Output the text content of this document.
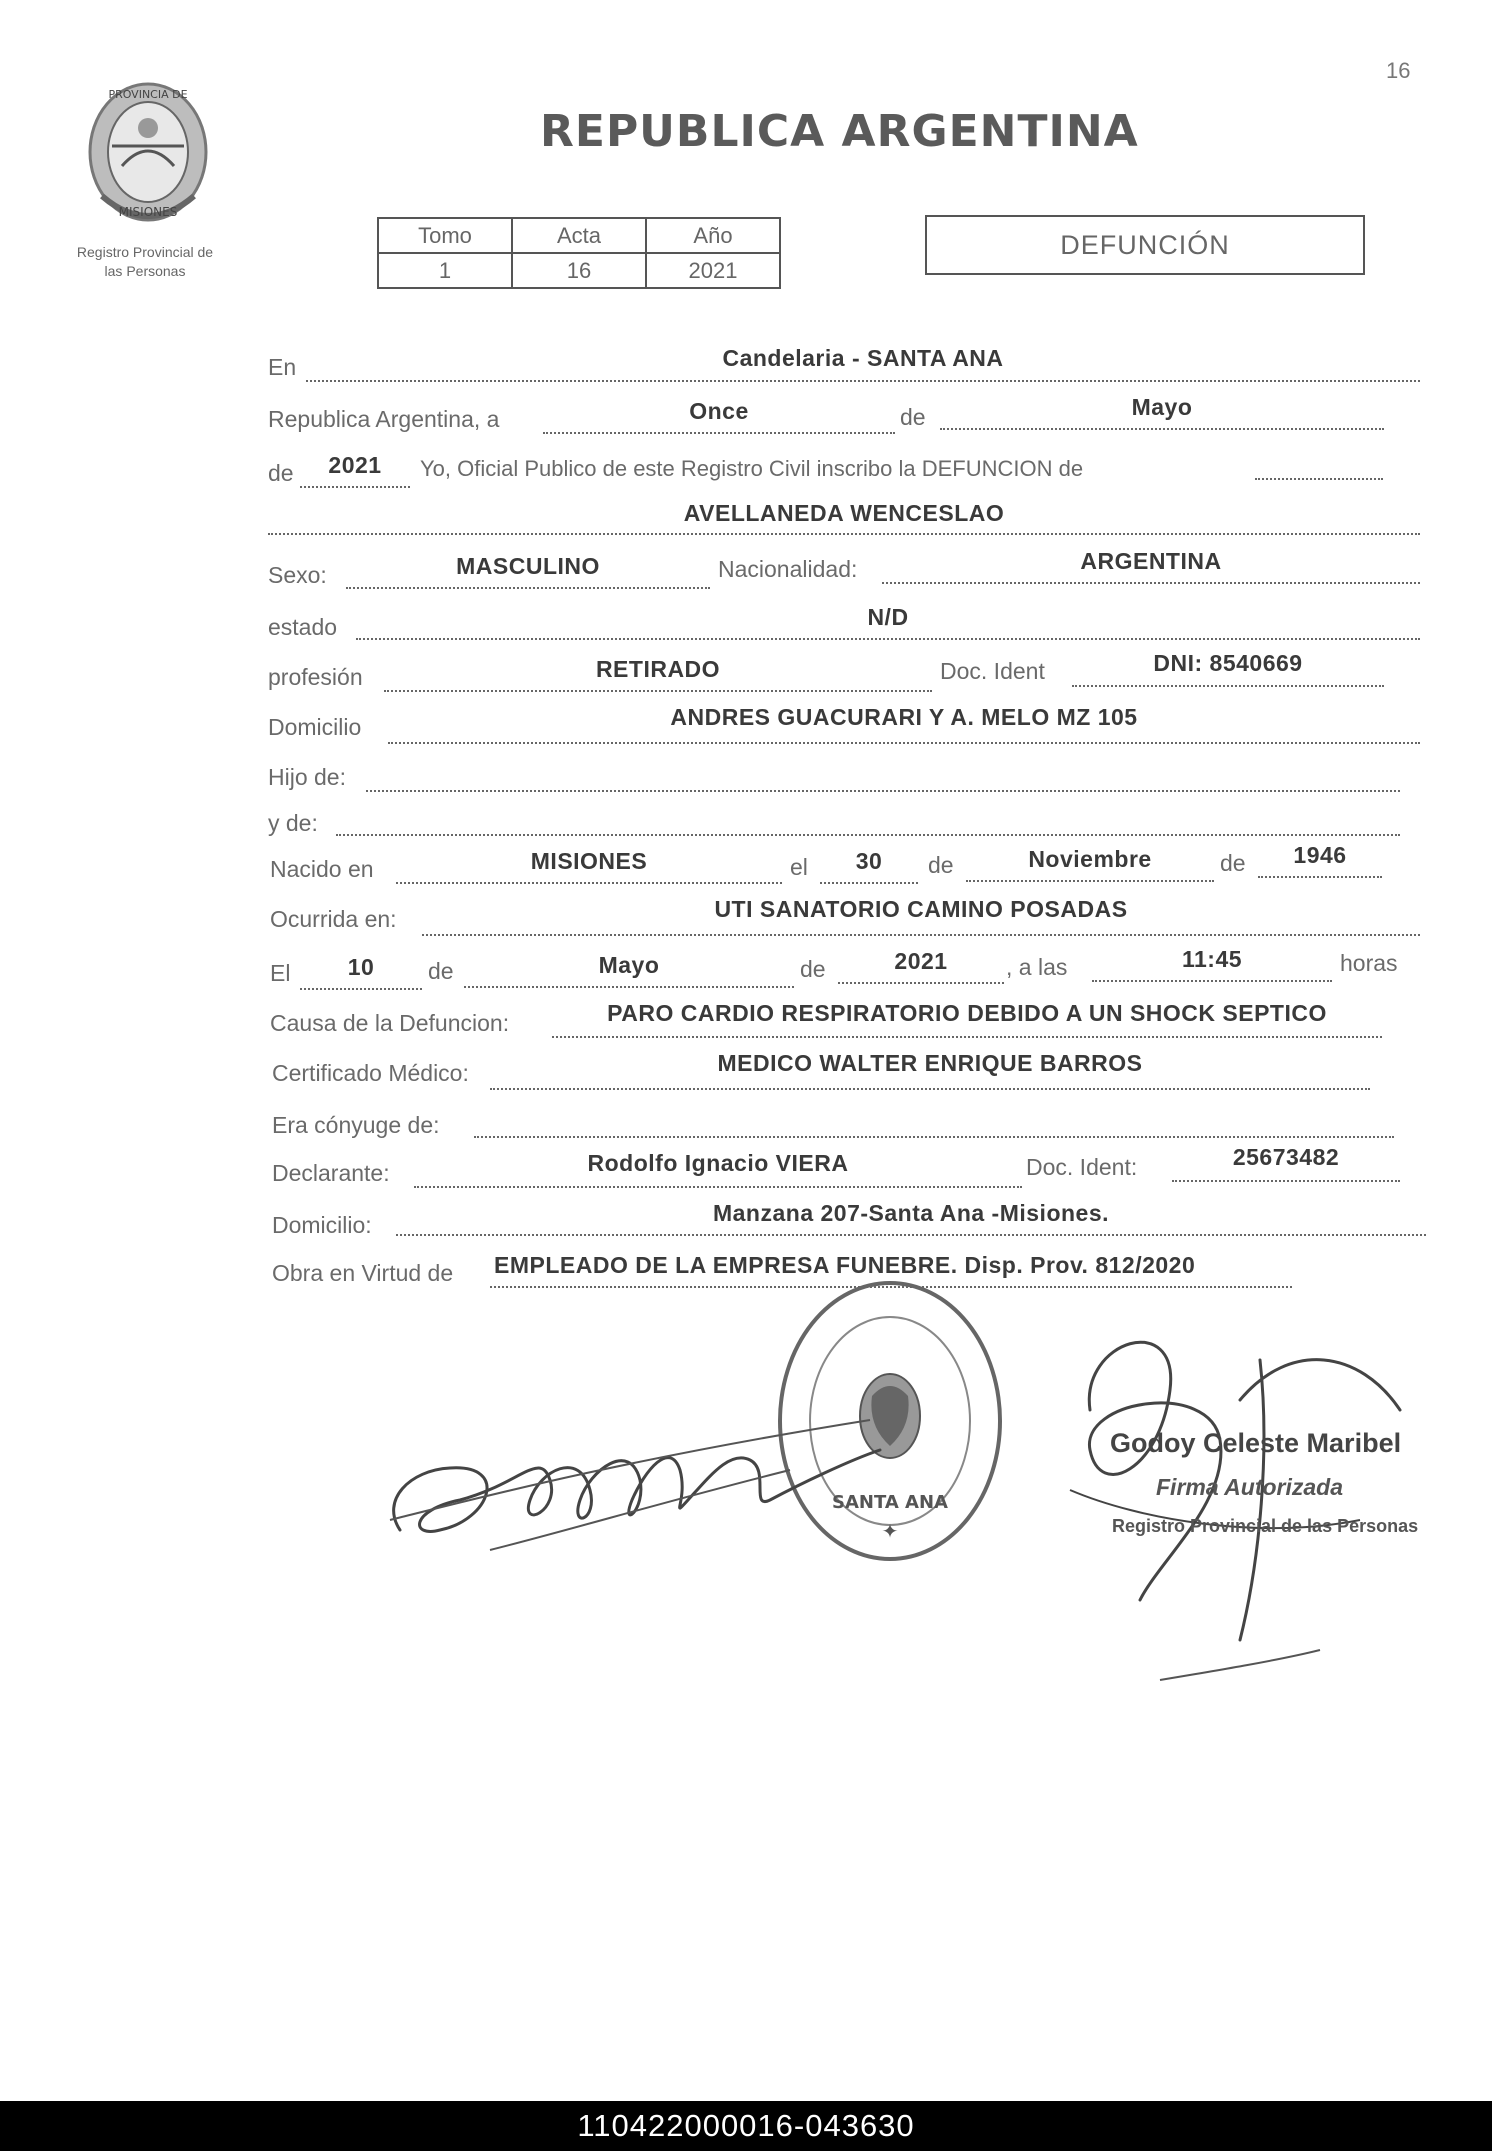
16
PROVINCIA DE
MISIONES
Registro Provincial de
las Personas
REPUBLICA ARGENTINA
Tomo	Acta	Año
1	16	2021
DEFUNCIÓN
En	Candelaria - SANTA ANA
Republica Argentina, a	Once	de	Mayo
de	2021	Yo, Oficial Publico de este Registro Civil inscribo la DEFUNCION de
AVELLANEDA WENCESLAO
Sexo:	MASCULINO	Nacionalidad:	ARGENTINA
estado	N/D
profesión	RETIRADO	Doc. Ident	DNI: 8540669
Domicilio	ANDRES GUACURARI Y A. MELO MZ 105
Hijo de:
y de:
Nacido en	MISIONES	el	30	de	Noviembre	de	1946
Ocurrida en:	UTI SANATORIO CAMINO POSADAS
El	10	de	Mayo	de	2021	, a las	11:45	horas
Causa de la Defuncion:	PARO CARDIO RESPIRATORIO DEBIDO A UN SHOCK SEPTICO
Certificado Médico:	MEDICO WALTER ENRIQUE BARROS
Era cónyuge de:
Declarante:	Rodolfo Ignacio VIERA	Doc. Ident:	25673482
Domicilio:	Manzana 207-Santa Ana -Misiones.
Obra en Virtud de EMPLEADO DE LA EMPRESA FUNEBRE. Disp. Prov. 812/2020
SANTA ANA
✦
Godoy Celeste Maribel
Firma Autorizada
Registro Provincial de las Personas
110422000016-043630
